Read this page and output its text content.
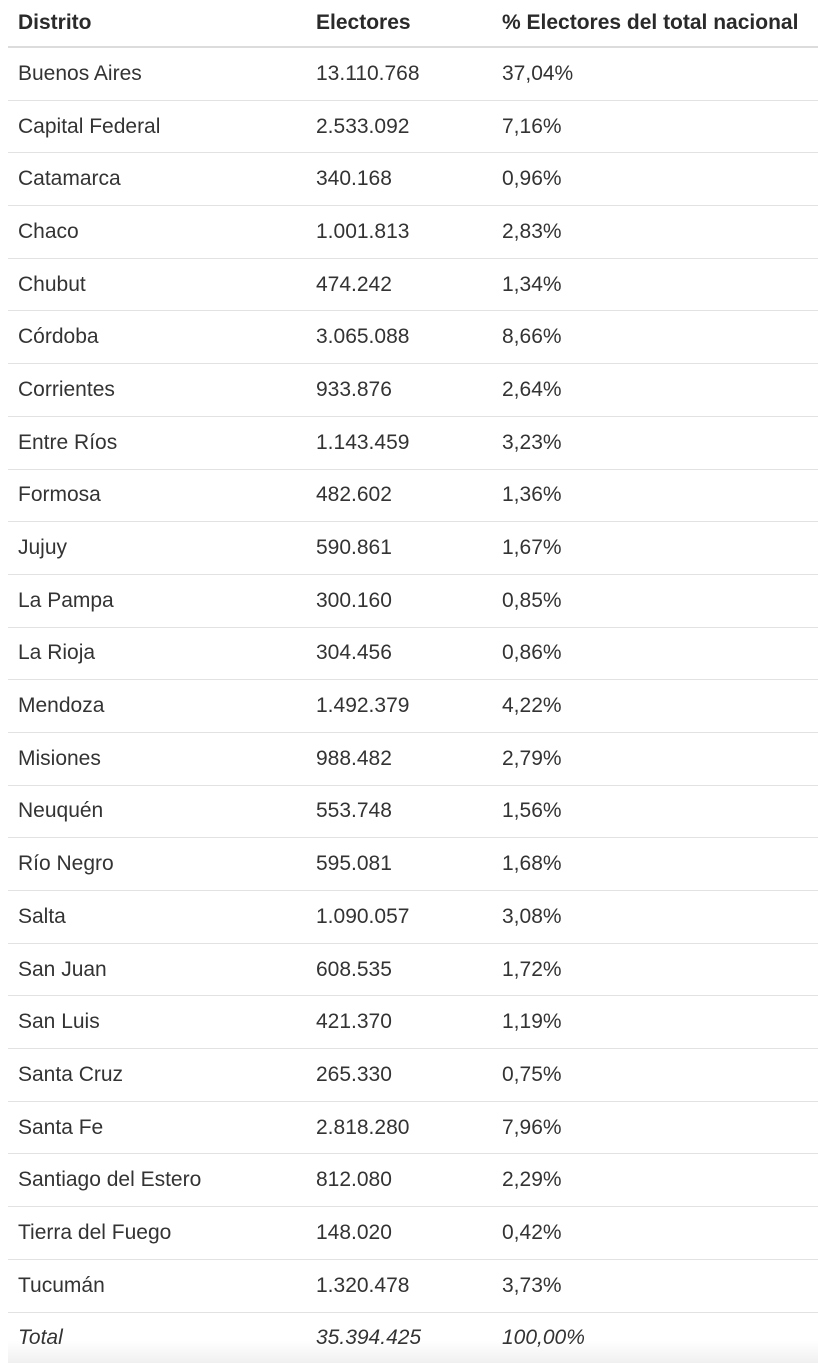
Distrito	Electores	% Electores del total nacional
Buenos Aires	13.110.768	37,04%
Capital Federal	2.533.092	7,16%
Catamarca	340.168	0,96%
Chaco	1.001.813	2,83%
Chubut	474.242	1,34%
Córdoba	3.065.088	8,66%
Corrientes	933.876	2,64%
Entre Ríos	1.143.459	3,23%
Formosa	482.602	1,36%
Jujuy	590.861	1,67%
La Pampa	300.160	0,85%
La Rioja	304.456	0,86%
Mendoza	1.492.379	4,22%
Misiones	988.482	2,79%
Neuquén	553.748	1,56%
Río Negro	595.081	1,68%
Salta	1.090.057	3,08%
San Juan	608.535	1,72%
San Luis	421.370	1,19%
Santa Cruz	265.330	0,75%
Santa Fe	2.818.280	7,96%
Santiago del Estero	812.080	2,29%
Tierra del Fuego	148.020	0,42%
Tucumán	1.320.478	3,73%
Total	35.394.425	100,00%
